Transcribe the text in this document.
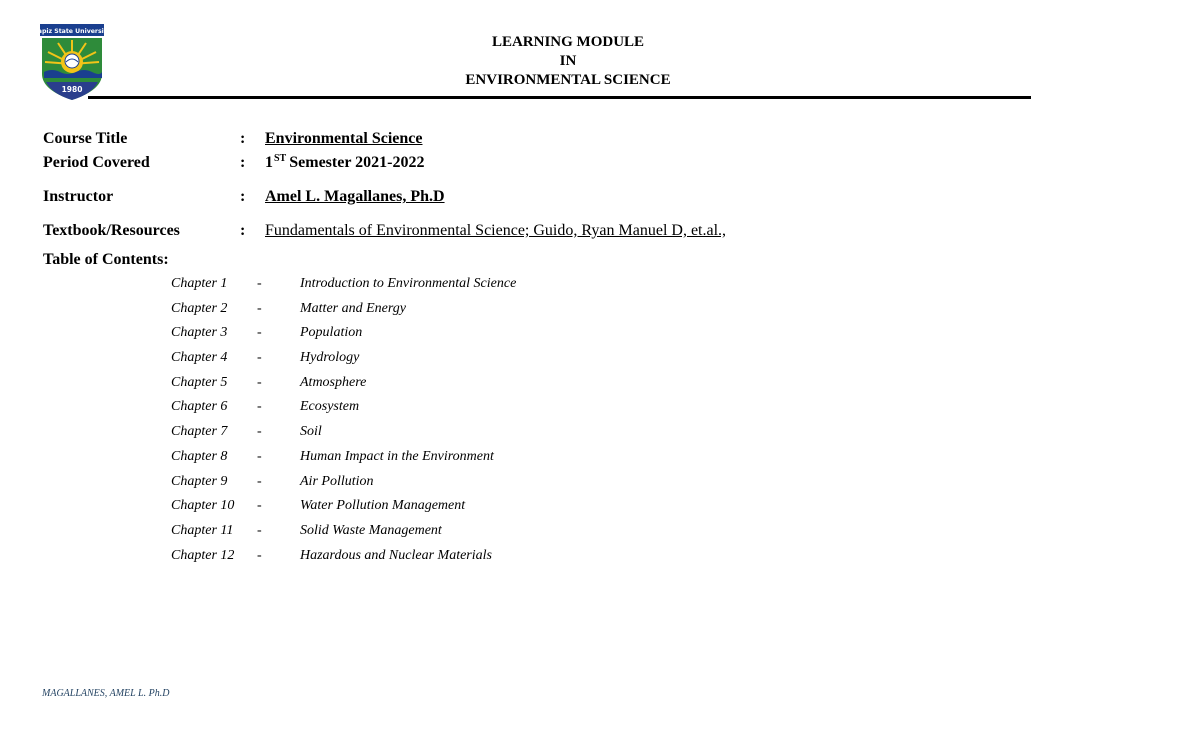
Capiz State University
1980
LEARNING MODULE
IN
ENVIRONMENTAL SCIENCE
Course Title	: Environmental Science
Period Covered	: 1ST Semester 2021-2022
Instructor	: Amel L. Magallanes, Ph.D
Textbook/Resources	: Fundamentals of Environmental Science; Guido, Ryan Manuel D, et.al.,
Table of Contents:
Chapter 1 -	Introduction to Environmental Science
Chapter 2 -	Matter and Energy
Chapter 3 -	Population
Chapter 4 -	Hydrology
Chapter 5 -	Atmosphere
Chapter 6 -	Ecosystem
Chapter 7 -	Soil
Chapter 8 -	Human Impact in the Environment
Chapter 9 -	Air Pollution
Chapter 10 -	Water Pollution Management
Chapter 11 -	Solid Waste Management
Chapter 12 -	Hazardous and Nuclear Materials
MAGALLANES, AMEL L. Ph.D
